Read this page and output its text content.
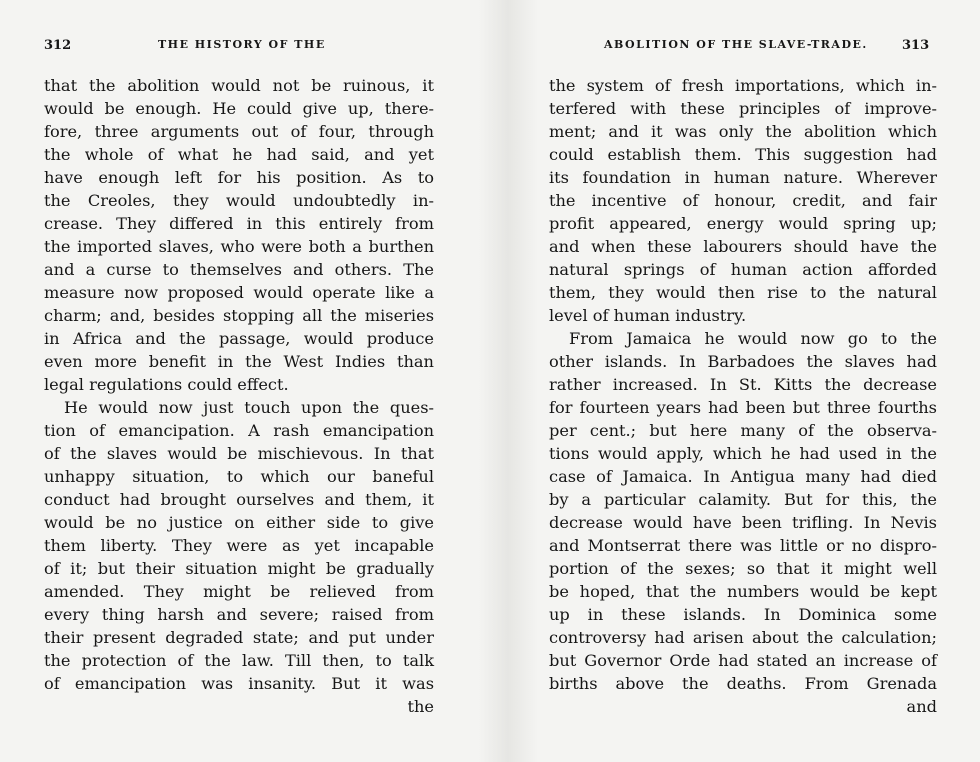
312	THE HISTORY OF THE
that the abolition would not be ruinous, it
would be enough. He could give up, there-
fore, three arguments out of four, through
the whole of what he had said, and yet
have enough left for his position. As to
the Creoles, they would undoubtedly in-
crease. They differed in this entirely from
the imported slaves, who were both a burthen
and a curse to themselves and others. The
measure now proposed would operate like a
charm; and, besides stopping all the miseries
in Africa and the passage, would produce
even more benefit in the West Indies than
legal regulations could effect.
He would now just touch upon the ques-
tion of emancipation. A rash emancipation
of the slaves would be mischievous. In that
unhappy situation, to which our baneful
conduct had brought ourselves and them, it
would be no justice on either side to give
them liberty. They were as yet incapable
of it; but their situation might be gradually
amended. They might be relieved from
every thing harsh and severe; raised from
their present degraded state; and put under
the protection of the law. Till then, to talk
of emancipation was insanity. But it was
the
ABOLITION OF THE SLAVE-TRADE.	313
the system of fresh importations, which in-
terfered with these principles of improve-
ment; and it was only the abolition which
could establish them. This suggestion had
its foundation in human nature. Wherever
the incentive of honour, credit, and fair
profit appeared, energy would spring up;
and when these labourers should have the
natural springs of human action afforded
them, they would then rise to the natural
level of human industry.
From Jamaica he would now go to the
other islands. In Barbadoes the slaves had
rather increased. In St. Kitts the decrease
for fourteen years had been but three fourths
per cent.; but here many of the observa-
tions would apply, which he had used in the
case of Jamaica. In Antigua many had died
by a particular calamity. But for this, the
decrease would have been trifling. In Nevis
and Montserrat there was little or no dispro-
portion of the sexes; so that it might well
be hoped, that the numbers would be kept
up in these islands. In Dominica some
controversy had arisen about the calculation;
but Governor Orde had stated an increase of
births above the deaths. From Grenada
and
